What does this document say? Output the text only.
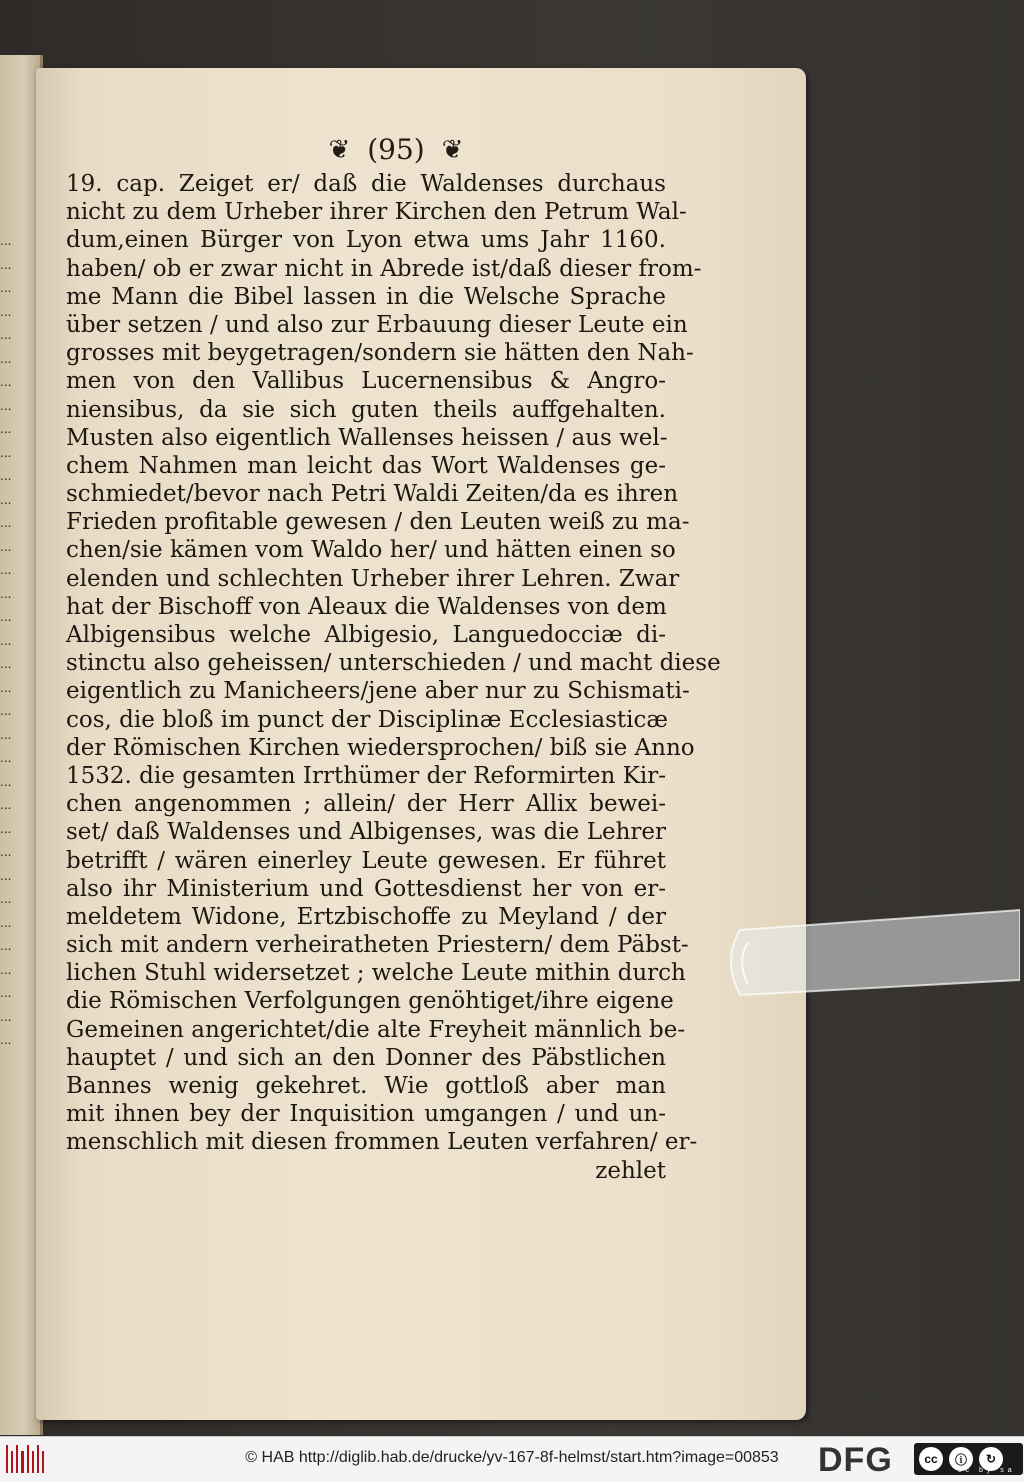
...
...
...
...
...
...
...
...
...
...
...
...
...
...
...
...
...
...
...
...
...
...
...
...
...
...
...
...
...
...
...
...
...
...
...
❦ (95) ❦
19. cap. Zeiget er/ daß die Waldenses durchaus
nicht zu dem Urheber ihrer Kirchen den Petrum Wal-
dum,einen Bürger von Lyon etwa ums Jahr 1160.
haben/ ob er zwar nicht in Abrede ist/daß dieser from-
me Mann die Bibel lassen in die Welsche Sprache
über setzen / und also zur Erbauung dieser Leute ein
grosses mit beygetragen/sondern sie hätten den Nah-
men von den Vallibus Lucernensibus & Angro-
niensibus, da sie sich guten theils auffgehalten.
Musten also eigentlich Wallenses heissen / aus wel-
chem Nahmen man leicht das Wort Waldenses ge-
schmiedet/bevor nach Petri Waldi Zeiten/da es ihren
Frieden profitable gewesen / den Leuten weiß zu ma-
chen/sie kämen vom Waldo her/ und hätten einen so
elenden und schlechten Urheber ihrer Lehren. Zwar
hat der Bischoff von Aleaux die Waldenses von dem
Albigensibus welche Albigesio, Languedocciæ di-
stinctu also geheissen/ unterschieden / und macht diese
eigentlich zu Manicheers/jene aber nur zu Schismati-
cos, die bloß im punct der Disciplinæ Ecclesiasticæ
der Römischen Kirchen wiedersprochen/ biß sie Anno
1532. die gesamten Irrthümer der Reformirten Kir-
chen angenommen ; allein/ der Herr Allix bewei-
set/ daß Waldenses und Albigenses, was die Lehrer
betrifft / wären einerley Leute gewesen. Er führet
also ihr Ministerium und Gottesdienst her von er-
meldetem Widone, Ertzbischoffe zu Meyland / der
sich mit andern verheiratheten Priestern/ dem Päbst-
lichen Stuhl widersetzet ; welche Leute mithin durch
die Römischen Verfolgungen genöhtiget/ihre eigene
Gemeinen angerichtet/die alte Freyheit männlich be-
hauptet / und sich an den Donner des Päbstlichen
Bannes wenig gekehret. Wie gottloß aber man
mit ihnen bey der Inquisition umgangen / und un-
menschlich mit diesen frommen Leuten verfahren/ er-
zehlet
© HAB http://diglib.hab.de/drucke/yv-167-8f-helmst/start.htm?image=00853	DFG	cc	ⓘ	↻
cc by sa
